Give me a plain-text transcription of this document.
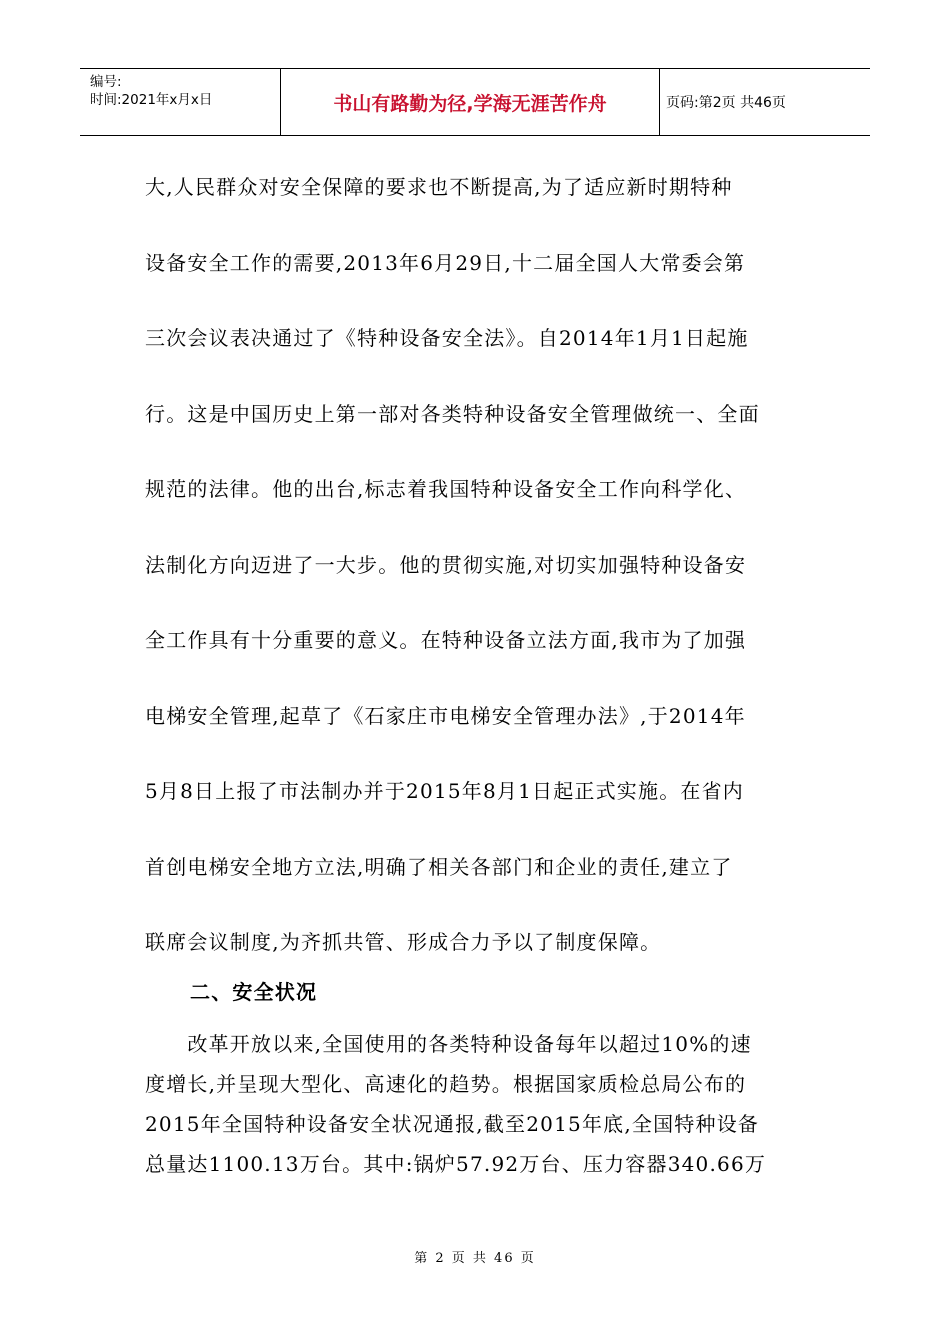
编号:
时间:2021年x月x日	书山有路勤为径,学海无涯苦作舟	页码:第2页 共46页

大,人民群众对安全保障的要求也不断提高,为了适应新时期特种

设备安全工作的需要,2013年6月29日,十二届全国人大常委会第

三次会议表决通过了《特种设备安全法》。自2014年1月1日起施

行。这是中国历史上第一部对各类特种设备安全管理做统一、全面

规范的法律。他的出台,标志着我国特种设备安全工作向科学化、

法制化方向迈进了一大步。他的贯彻实施,对切实加强特种设备安

全工作具有十分重要的意义。在特种设备立法方面,我市为了加强

电梯安全管理,起草了《石家庄市电梯安全管理办法》,于2014年

5月8日上报了市法制办并于2015年8月1日起正式实施。在省内

首创电梯安全地方立法,明确了相关各部门和企业的责任,建立了

联席会议制度,为齐抓共管、形成合力予以了制度保障。

二、安全状况

　　改革开放以来,全国使用的各类特种设备每年以超过10%的速

度增长,并呈现大型化、高速化的趋势。根据国家质检总局公布的

2015年全国特种设备安全状况通报,截至2015年底,全国特种设备

总量达1100.13万台。其中:锅炉57.92万台、压力容器340.66万

第 2 页 共 46 页
